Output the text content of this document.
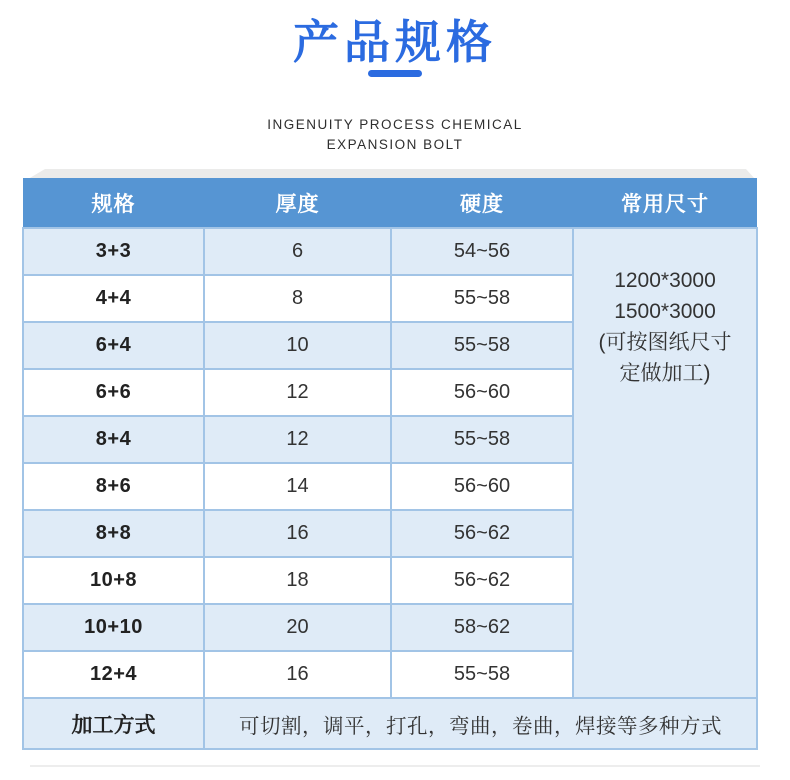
产品规格
INGENUITY PROCESS CHEMICAL
EXPANSION BOLT
规格	厚度	硬度	常用尺寸
3+3	6	54~56	1200*3000
1500*3000
(可按图纸尺寸
定做加工)

4+4	8	55~58	
6+4	10	55~58	
6+6	12	56~60	
8+4	12	55~58	
8+6	14	56~60	
8+8	16	56~62	
10+8	18	56~62	
10+10	20	58~62	
12+4	16	55~58	
加工方式	可切割，调平，打孔，弯曲，卷曲，焊接等多种方式		
